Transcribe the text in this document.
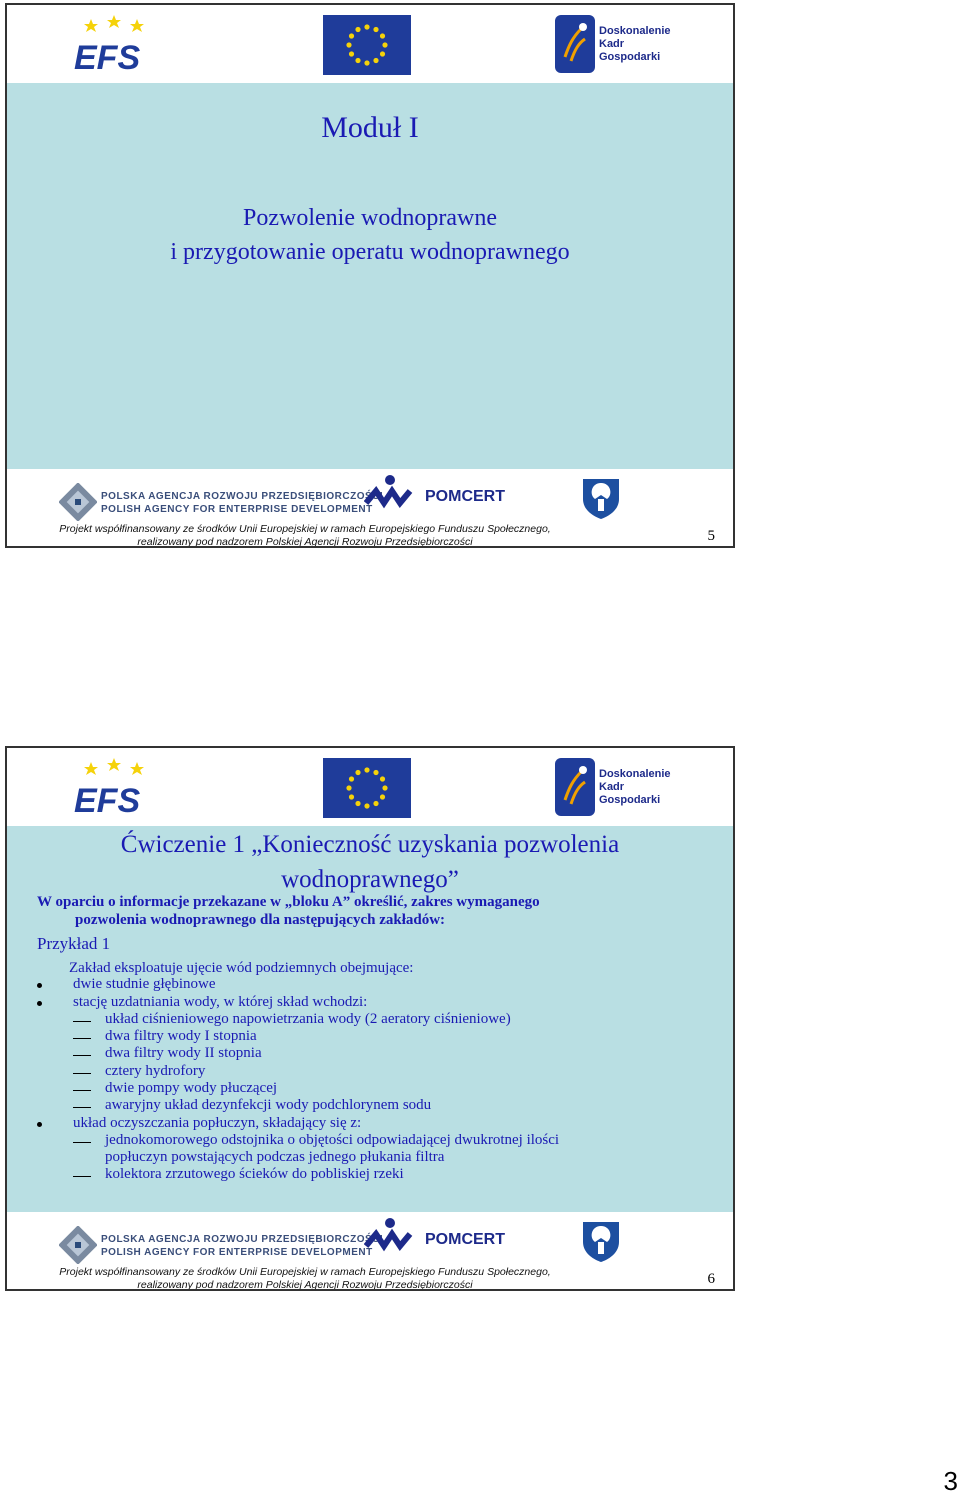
EFS
Doskonalenie
Kadr
Gospodarki
Moduł I
Pozwolenie wodnoprawne
i przygotowanie operatu wodnoprawnego
POLSKA AGENCJA ROZWOJU PRZEDSIĘBIORCZOŚCI
POLISH AGENCY FOR ENTERPRISE DEVELOPMENT
POMCERT
Projekt współfinansowany ze środków Unii Europejskiej w ramach Europejskiego Funduszu Społecznego,
realizowany pod nadzorem Polskiej Agencji Rozwoju Przedsiębiorczości	5
EFS
Doskonalenie
Kadr
Gospodarki
Ćwiczenie 1 „Konieczność uzyskania pozwolenia
wodnoprawnego”
W oparciu o informacje przekazane w „bloku A” określić, zakres wymaganego
pozwolenia wodnoprawnego dla następujących zakładów:
Przykład 1
Zakład eksploatuje ujęcie wód podziemnych obejmujące:
dwie studnie głębinowe
stację uzdatniania wody, w której skład wchodzi:
układ ciśnieniowego napowietrzania wody (2 aeratory ciśnieniowe)
dwa filtry wody I stopnia
dwa filtry wody II stopnia
cztery hydrofory
dwie pompy wody płuczącej
awaryjny układ dezynfekcji wody podchlorynem sodu
układ oczyszczania popłuczyn, składający się z:
jednokomorowego odstojnika o objętości odpowiadającej dwukrotnej ilości
popłuczyn powstających podczas jednego płukania filtra
kolektora zrzutowego ścieków do pobliskiej rzeki
POLSKA AGENCJA ROZWOJU PRZEDSIĘBIORCZOŚCI
POLISH AGENCY FOR ENTERPRISE DEVELOPMENT
POMCERT
Projekt współfinansowany ze środków Unii Europejskiej w ramach Europejskiego Funduszu Społecznego,
realizowany pod nadzorem Polskiej Agencji Rozwoju Przedsiębiorczości	6
3
